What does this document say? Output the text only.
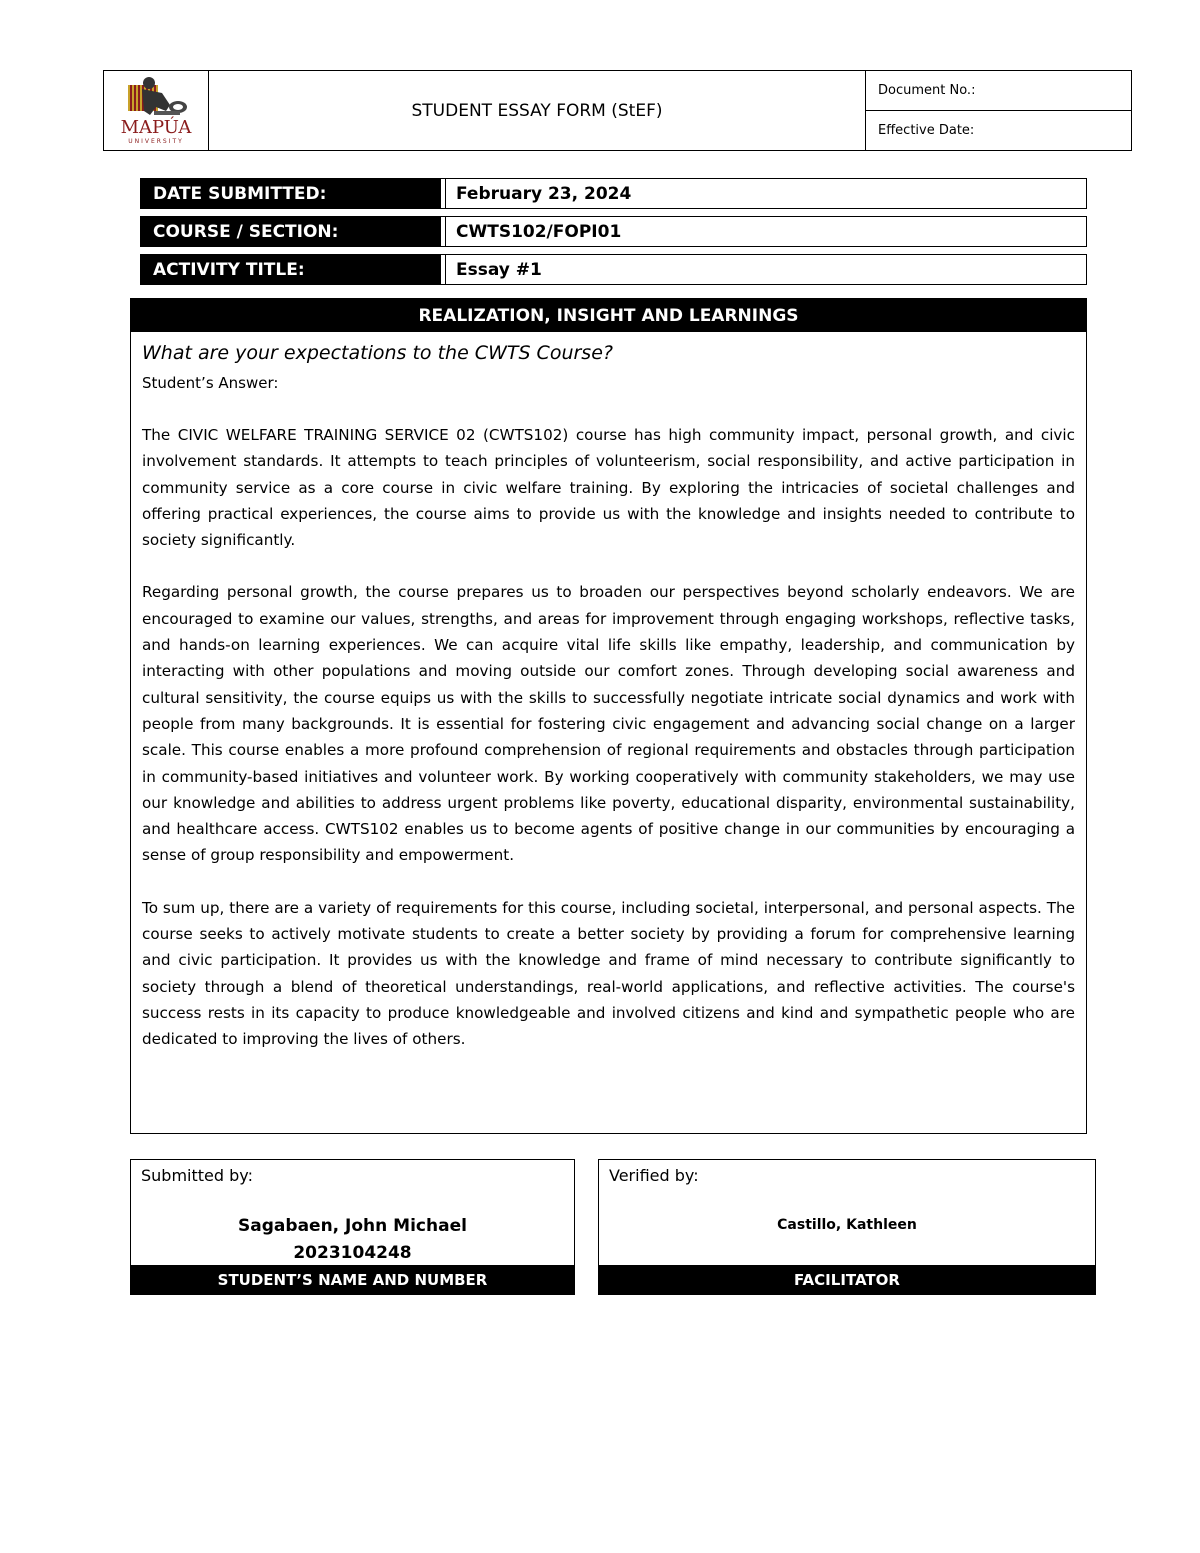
MAPÚA
UNIVERSITY
STUDENT ESSAY FORM (StEF)
Document No.:
Effective Date:
DATE SUBMITTED:	February 23, 2024
COURSE / SECTION:	CWTS102/FOPI01
ACTIVITY TITLE:	Essay #1
REALIZATION, INSIGHT AND LEARNINGS
What are your expectations to the CWTS Course?
Student’s Answer:

The CIVIC WELFARE TRAINING SERVICE 02 (CWTS102) course has high community impact, personal growth, and civic involvement standards. It attempts to teach principles of volunteerism, social responsibility, and active participation in community service as a core course in civic welfare training. By exploring the intricacies of societal challenges and offering practical experiences, the course aims to provide us with the knowledge and insights needed to contribute to society significantly.

Regarding personal growth, the course prepares us to broaden our perspectives beyond scholarly endeavors. We are encouraged to examine our values, strengths, and areas for improvement through engaging workshops, reflective tasks, and hands-on learning experiences. We can acquire vital life skills like empathy, leadership, and communication by interacting with other populations and moving outside our comfort zones. Through developing social awareness and cultural sensitivity, the course equips us with the skills to successfully negotiate intricate social dynamics and work with people from many backgrounds. It is essential for fostering civic engagement and advancing social change on a larger scale. This course enables a more profound comprehension of regional requirements and obstacles through participation in community-based initiatives and volunteer work. By working cooperatively with community stakeholders, we may use our knowledge and abilities to address urgent problems like poverty, educational disparity, environmental sustainability, and healthcare access. CWTS102 enables us to become agents of positive change in our communities by encouraging a sense of group responsibility and empowerment.

To sum up, there are a variety of requirements for this course, including societal, interpersonal, and personal aspects. The course seeks to actively motivate students to create a better society by providing a forum for comprehensive learning and civic participation. It provides us with the knowledge and frame of mind necessary to contribute significantly to society through a blend of theoretical understandings, real-world applications, and reflective activities. The course's success rests in its capacity to produce knowledgeable and involved citizens and kind and sympathetic people who are dedicated to improving the lives of others.

Submitted by:
Sagabaen, John Michael
2023104248
STUDENT’S NAME AND NUMBER
Verified by:
Castillo, Kathleen
FACILITATOR
